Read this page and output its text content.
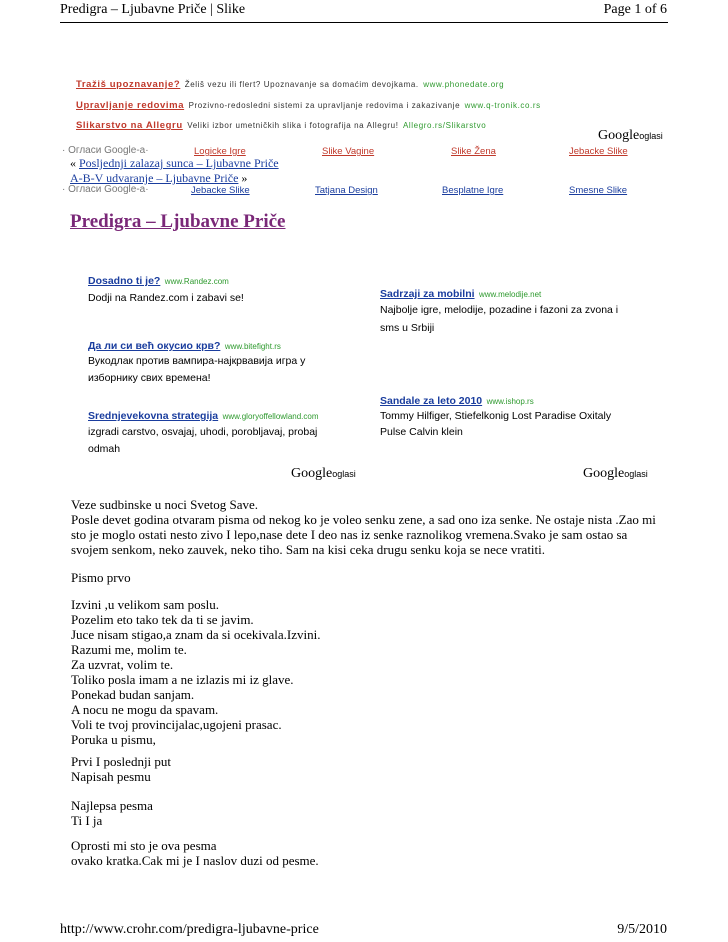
Predigra – Ljubavne Priče | Slike	Page 1 of 6
Tražiš upoznavanje? Želiš vezu ili flert? Upoznavanje sa domaćim devojkama. www.phonedate.org
Upravljanje redovima Prozivno-redosledni sistemi za upravljanje redovima i zakazivanje www.q-tronik.co.rs
Slikarstvo na Allegru Veliki izbor umetničkih slika i fotografija na Allegru! Allegro.rs/Slikarstvo
Googleoglasi
· Огласи Google-а·	Logicke Igre	Slike Vagine	Slike Žena	Jebacke Slike
« Posljednji zalazaj sunca – Ljubavne Priče
A-B-V udvaranje – Ljubavne Priče »
· Огласи Google-а·	Jebacke Slike	Tatjana Design	Besplatne Igre	Smesne Slike
Predigra – Ljubavne Priče
Dosadno ti je? www.Randez.com
Dodji na Randez.com i zabavi se!
Да ли си већ окусио крв? www.bitefight.rs
Вукодлак против вампира-најкрвавија игра у
изборнику свих времена!
Srednjevekovna strategija www.gloryoffellowland.com
izgradi carstvo, osvajaj, uhodi, porobljavaj, probaj
odmah
Sadrzaji za mobilni www.melodije.net
Najbolje igre, melodije, pozadine i fazoni za zvona i
sms u Srbiji
Sandale za leto 2010 www.ishop.rs
Tommy Hilfiger, Stiefelkonig Lost Paradise Oxitaly
Pulse Calvin klein
Googleoglasi	Googleoglasi
Veze sudbinske u noci Svetog Save.
Posle devet godina otvaram pisma od nekog ko je voleo senku zene, a sad ono iza senke. Ne ostaje nista .Zao mi
sto je moglo ostati nesto zivo I lepo,nase dete I deo nas iz senke raznolikog vremena.Svako je sam ostao sa
svojem senkom, neko zauvek, neko tiho. Sam na kisi ceka drugu senku koja se nece vratiti.
Pismo prvo
Izvini ,u velikom sam poslu.
Pozelim eto tako tek da ti se javim.
Juce nisam stigao,a znam da si ocekivala.Izvini.
Razumi me, molim te.
Za uzvrat, volim te.
Toliko posla imam a ne izlazis mi iz glave.
Ponekad budan sanjam.
A nocu ne mogu da spavam.
Voli te tvoj provincijalac,ugojeni prasac.
Poruka u pismu,
Prvi I poslednji put
Napisah pesmu
Najlepsa pesma
Ti I ja
Oprosti mi sto je ova pesma
ovako kratka.Cak mi je I naslov duzi od pesme.
http://www.crohr.com/predigra-ljubavne-price	9/5/2010
